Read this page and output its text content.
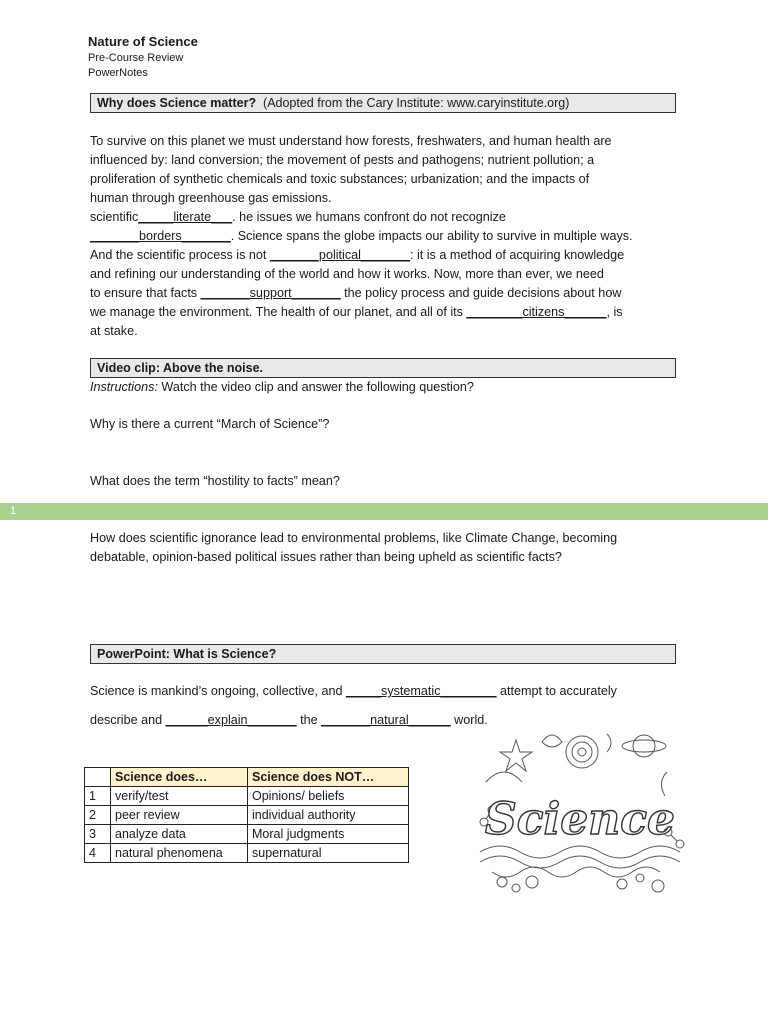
Nature of Science
Pre-Course Review
PowerNotes
Why does Science matter? (Adopted from the Cary Institute: www.caryinstitute.org)
To survive on this planet we must understand how forests, freshwaters, and human health are
influenced by: land conversion; the movement of pests and pathogens; nutrient pollution; a
proliferation of synthetic chemicals and toxic substances; urbanization; and the impacts of
human through greenhouse gas emissions.
scientific_____literate___. he issues we humans confront do not recognize
_______borders_______. Science spans the globe impacts our ability to survive in multiple ways.
And the scientific process is not _______political_______: it is a method of acquiring knowledge
and refining our understanding of the world and how it works. Now, more than ever, we need
to ensure that facts _______support_______ the policy process and guide decisions about how
we manage the environment. The health of our planet, and all of its ________citizens______, is
at stake.
Video clip: Above the noise.
Instructions: Watch the video clip and answer the following question?
Why is there a current “March of Science”?
What does the term “hostility to facts” mean?
1
How does scientific ignorance lead to environmental problems, like Climate Change, becoming
debatable, opinion-based political issues rather than being upheld as scientific facts?
PowerPoint: What is Science?
Science is mankind’s ongoing, collective, and _____systematic________ attempt to accurately
describe and ______explain_______ the _______natural______ world.
	Science does…	Science does NOT…
1	verify/test	Opinions/ beliefs
2	peer review	individual authority
3	analyze data	Moral judgments
4	natural phenomena	supernatural
Science
